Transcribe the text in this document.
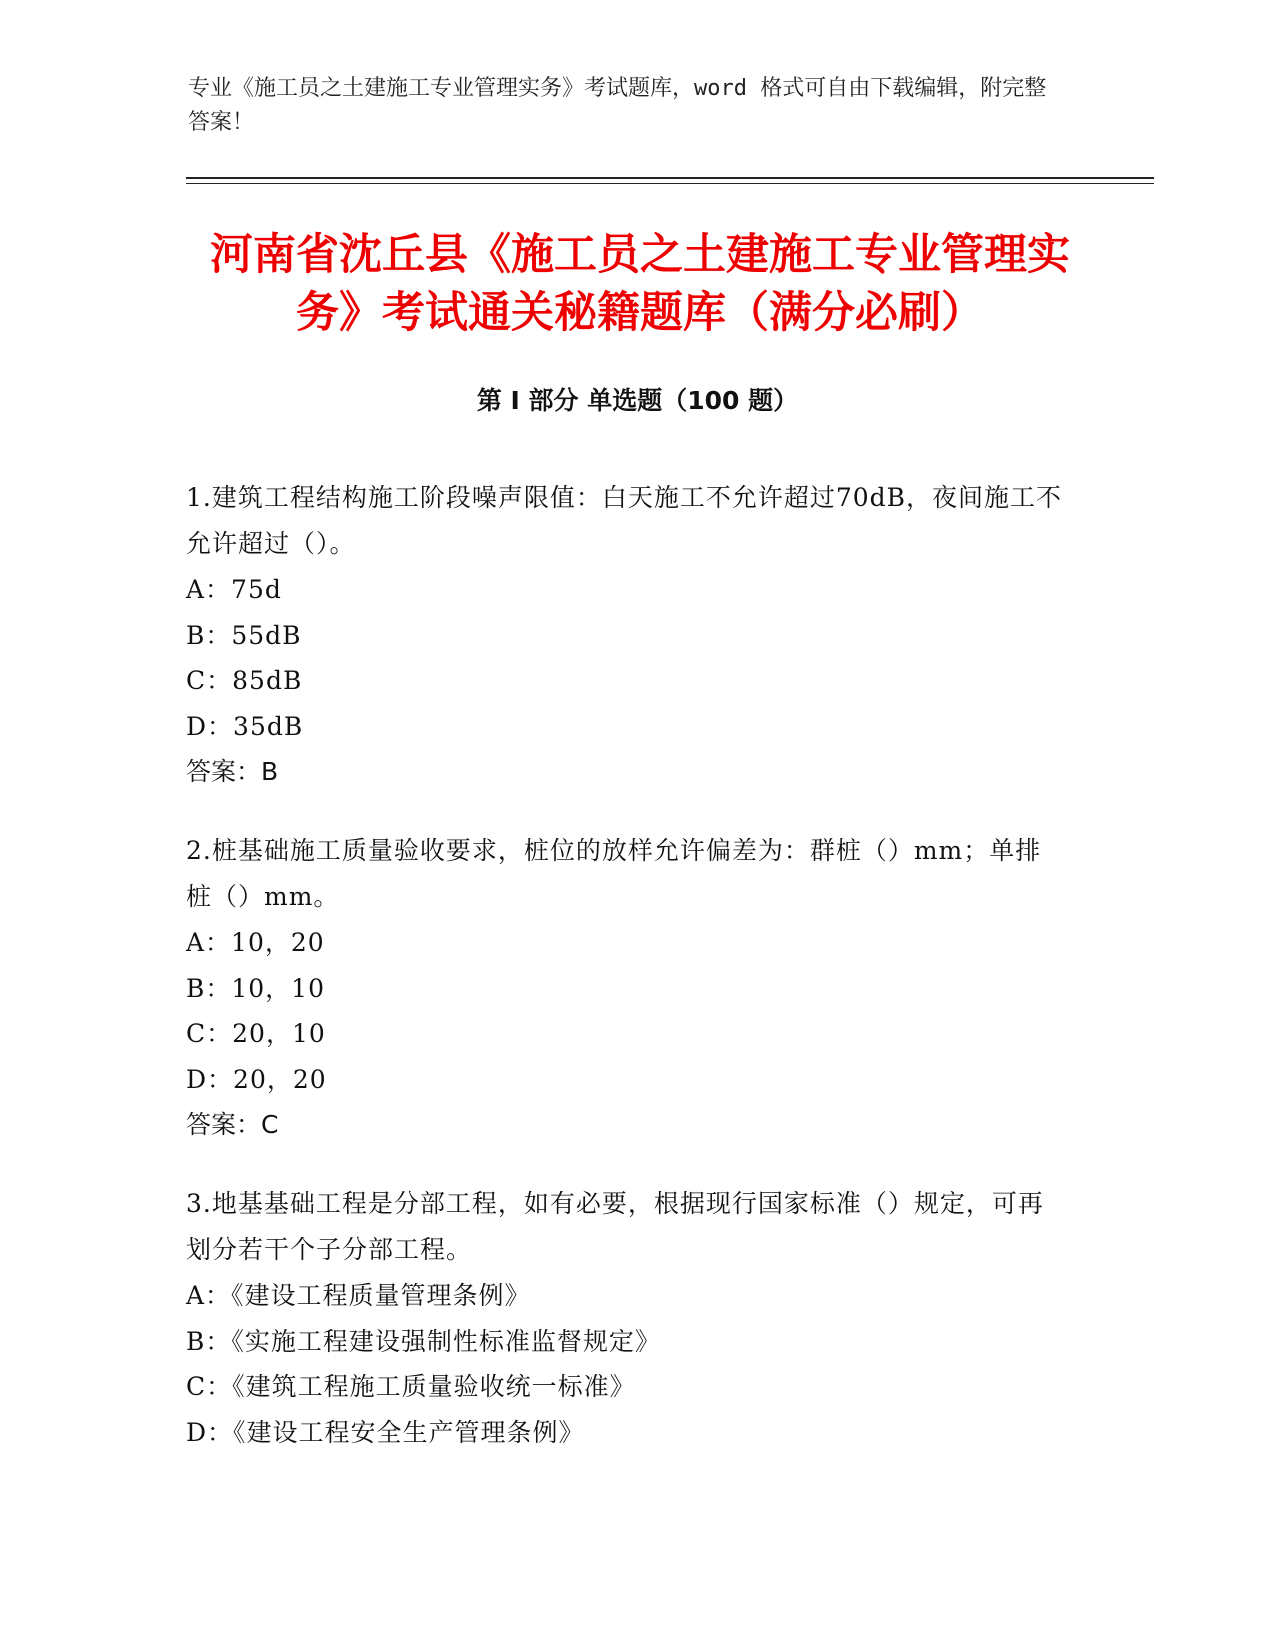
专业《施工员之土建施工专业管理实务》考试题库，word 格式可自由下载编辑，附完整答案！
河南省沈丘县《施工员之土建施工专业管理实务》考试通关秘籍题库（满分必刷）
第 I 部分 单选题（100 题）

1.建筑工程结构施工阶段噪声限值：白天施工不允许超过70dB，夜间施工不允许超过（）。

A：75d

B：55dB

C：85dB

D：35dB

答案：B

2.桩基础施工质量验收要求，桩位的放样允许偏差为：群桩（）mm；单排桩（）mm。

A：10，20

B：10，10

C：20，10

D：20，20

答案：C

3.地基基础工程是分部工程，如有必要，根据现行国家标准（）规定，可再划分若干个子分部工程。

A：《建设工程质量管理条例》

B：《实施工程建设强制性标准监督规定》

C：《建筑工程施工质量验收统一标准》

D：《建设工程安全生产管理条例》
